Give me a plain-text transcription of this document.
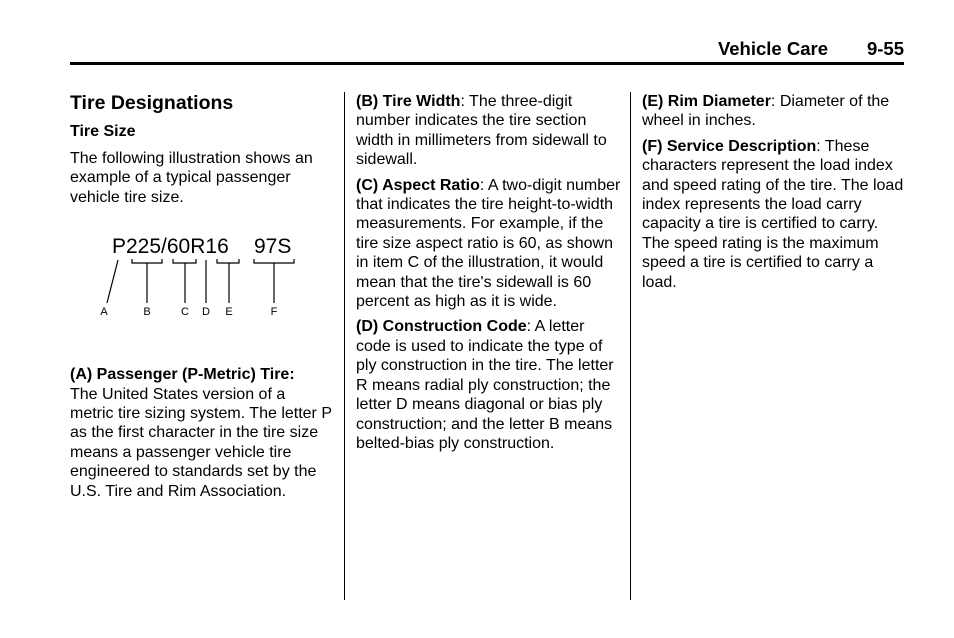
Vehicle Care 9-55
Tire Designations
Tire Size

The following illustration shows an example of a typical passenger vehicle tire size.

P225/60R16 97S
A	B	C D E	F

(A) Passenger (P-Metric) Tire:
The United States version of a metric tire sizing system. The letter P as the first character in the tire size means a passenger vehicle tire engineered to standards set by the U.S. Tire and Rim Association.

(B) Tire Width: The three-digit number indicates the tire section width in millimeters from sidewall to sidewall.

(C) Aspect Ratio: A two-digit number that indicates the tire height-to-width measurements. For example, if the tire size aspect ratio is 60, as shown in item C of the illustration, it would mean that the tire's sidewall is 60 percent as high as it is wide.

(D) Construction Code: A letter code is used to indicate the type of ply construction in the tire. The letter R means radial ply construction; the letter D means diagonal or bias ply construction; and the letter B means belted-bias ply construction.

(E) Rim Diameter: Diameter of the wheel in inches.

(F) Service Description: These characters represent the load index and speed rating of the tire. The load index represents the load carry capacity a tire is certified to carry. The speed rating is the maximum speed a tire is certified to carry a load.
